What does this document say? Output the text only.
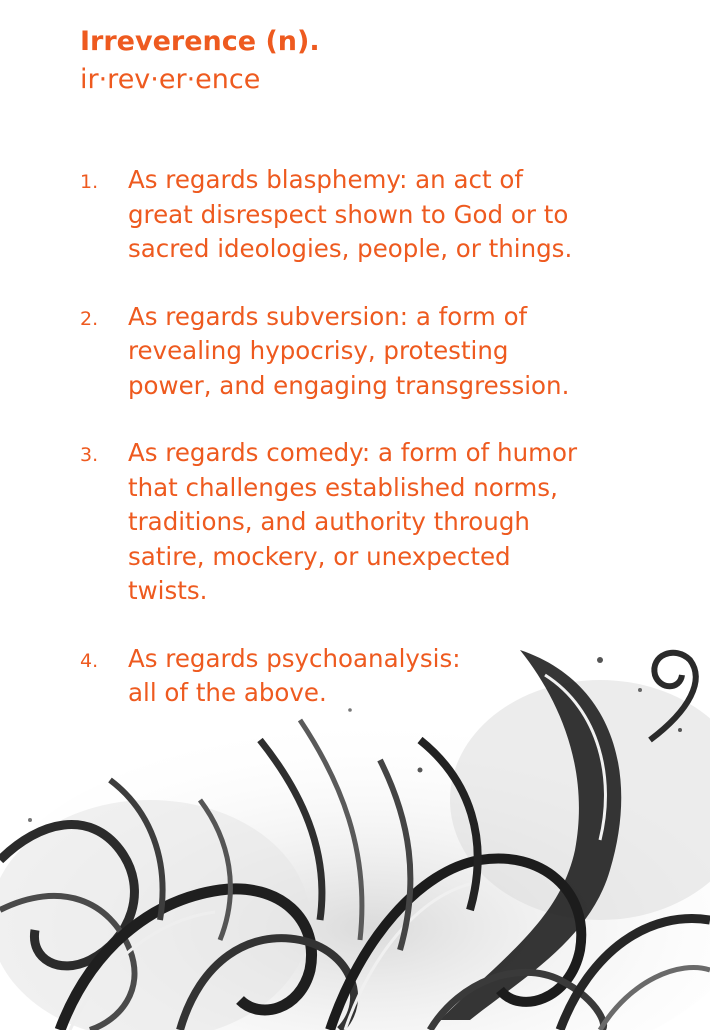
Irreverence (n).
ir·rev·er·ence
1.	As regards blasphemy: an act of
great disrespect shown to God or to
sacred ideologies, people, or things.
2.	As regards subversion: a form of
revealing hypocrisy, protesting
power, and engaging transgression.
3.	As regards comedy: a form of humor
that challenges established norms,
traditions, and authority through
satire, mockery, or unexpected
twists.
4.	As regards psychoanalysis:
all of the above.
